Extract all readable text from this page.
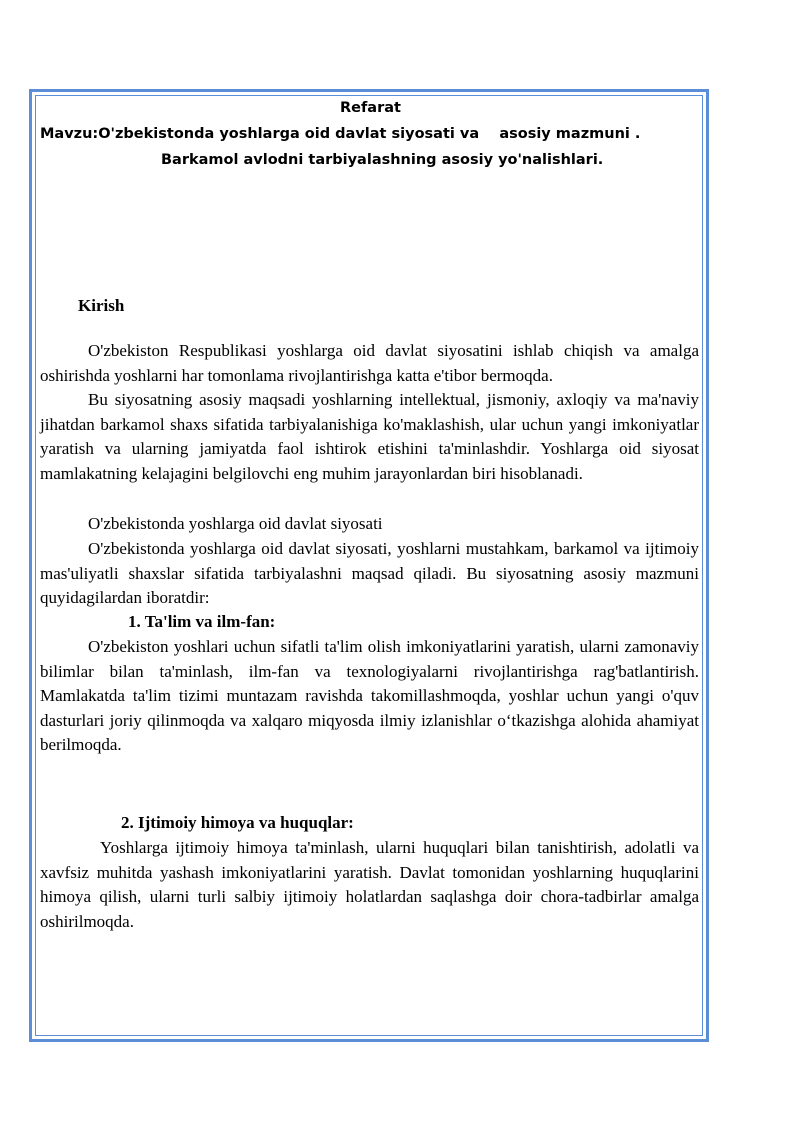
Refarat
Mavzu:O'zbekistonda yoshlarga oid davlat siyosati va    asosiy mazmuni .
Barkamol avlodni tarbiyalashning asosiy yo'nalishlari.
Kirish

O'zbekiston Respublikasi yoshlarga oid davlat siyosatini ishlab chiqish va amalga oshirishda yoshlarni har tomonlama rivojlantirishga katta e'tibor bermoqda.

Bu siyosatning asosiy maqsadi yoshlarning intellektual, jismoniy, axloqiy va ma'naviy jihatdan barkamol shaxs sifatida tarbiyalanishiga ko'maklashish, ular uchun yangi imkoniyatlar yaratish va ularning jamiyatda faol ishtirok etishini ta'minlashdir. Yoshlarga oid siyosat mamlakatning kelajagini belgilovchi eng muhim jarayonlardan biri hisoblanadi.

O'zbekistonda yoshlarga oid davlat siyosati

O'zbekistonda yoshlarga oid davlat siyosati, yoshlarni mustahkam, barkamol va ijtimoiy mas'uliyatli shaxslar sifatida tarbiyalashni maqsad qiladi. Bu siyosatning asosiy mazmuni quyidagilardan iboratdir:

1. Ta'lim va ilm-fan:

O'zbekiston yoshlari uchun sifatli ta'lim olish imkoniyatlarini yaratish, ularni zamonaviy bilimlar bilan ta'minlash, ilm-fan va texnologiyalarni rivojlantirishga rag'batlantirish. Mamlakatda ta'lim tizimi muntazam ravishda takomillashmoqda, yoshlar uchun yangi o'quv dasturlari joriy qilinmoqda va xalqaro miqyosda ilmiy izlanishlar o‘tkazishga alohida ahamiyat berilmoqda.

2. Ijtimoiy himoya va huquqlar:

Yoshlarga ijtimoiy himoya ta'minlash, ularni huquqlari bilan tanishtirish, adolatli va xavfsiz muhitda yashash imkoniyatlarini yaratish. Davlat tomonidan yoshlarning huquqlarini himoya qilish, ularni turli salbiy ijtimoiy holatlardan saqlashga doir chora-tadbirlar amalga oshirilmoqda.
